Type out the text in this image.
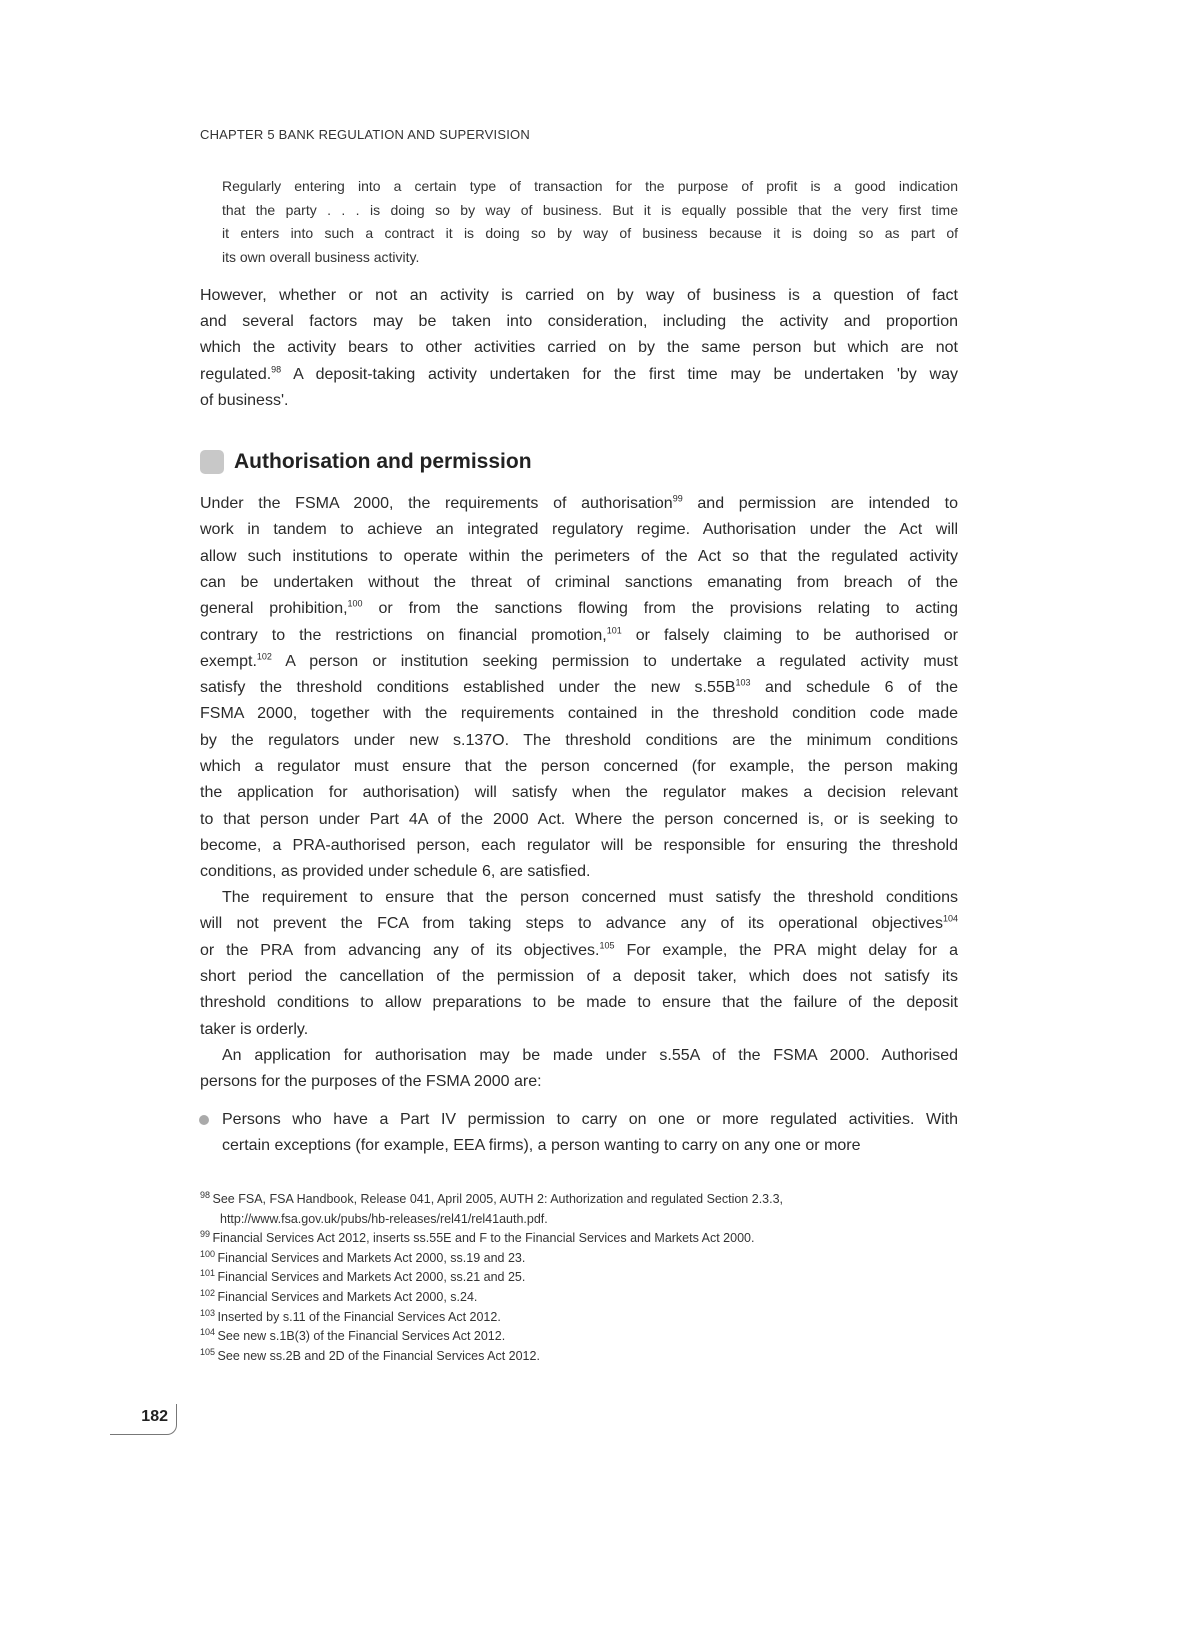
CHAPTER 5 BANK REGULATION AND SUPERVISION
Regularly entering into a certain type of transaction for the purpose of profit is a good indication
that the party . . . is doing so by way of business. But it is equally possible that the very first time
it enters into such a contract it is doing so by way of business because it is doing so as part of
its own overall business activity.
However, whether or not an activity is carried on by way of business is a question of fact
and several factors may be taken into consideration, including the activity and proportion
which the activity bears to other activities carried on by the same person but which are not
regulated.$^{98}$ A deposit-taking activity undertaken for the first time may be undertaken 'by way
of business'.
Authorisation and permission
Under the FSMA 2000, the requirements of authorisation$^{99}$ and permission are intended to
work in tandem to achieve an integrated regulatory regime. Authorisation under the Act will
allow such institutions to operate within the perimeters of the Act so that the regulated activity
can be undertaken without the threat of criminal sanctions emanating from breach of the
general prohibition,$^{100}$ or from the sanctions flowing from the provisions relating to acting
contrary to the restrictions on financial promotion,$^{101}$ or falsely claiming to be authorised or
exempt.$^{102}$ A person or institution seeking permission to undertake a regulated activity must
satisfy the threshold conditions established under the new $s.55B^{103}$ and schedule 6 of the
FSMA 2000, together with the requirements contained in the threshold condition code made
by the regulators under new s.137O. The threshold conditions are the minimum conditions
which a regulator must ensure that the person concerned (for example, the person making
the application for authorisation) will satisfy when the regulator makes a decision relevant
to that person under Part 4A of the 2000 Act. Where the person concerned is, or is seeking to
become, a PRA-authorised person, each regulator will be responsible for ensuring the threshold
conditions, as provided under schedule 6, are satisfied.
The requirement to ensure that the person concerned must satisfy the threshold conditions
will not prevent the FCA from taking steps to advance any of its operational objectives$^{104}$
or the PRA from advancing any of its objectives.$^{105}$ For example, the PRA might delay for a
short period the cancellation of the permission of a deposit taker, which does not satisfy its
threshold conditions to allow preparations to be made to ensure that the failure of the deposit
taker is orderly.
An application for authorisation may be made under s.55A of the FSMA 2000. Authorised
persons for the purposes of the FSMA 2000 are:
Persons who have a Part IV permission to carry on one or more regulated activities. With
certain exceptions (for example, EEA firms), a person wanting to carry on any one or more
$^{98}$ See FSA, FSA Handbook, Release 041, April 2005, AUTH 2: Authorization and regulated Section 2.3.3,
http://www.fsa.gov.uk/pubs/hb-releases/rel41/rel41auth.pdf.
$^{99}$ Financial Services Act 2012, inserts ss.55E and F to the Financial Services and Markets Act 2000.
$^{100}$ Financial Services and Markets Act 2000, ss.19 and 23.
$^{101}$ Financial Services and Markets Act 2000, ss.21 and 25.
$^{102}$ Financial Services and Markets Act 2000, s.24.
$^{103}$ Inserted by s.11 of the Financial Services Act 2012.
$^{104}$ See new s.1B(3) of the Financial Services Act 2012.
$^{105}$ See new ss.2B and 2D of the Financial Services Act 2012.
182
